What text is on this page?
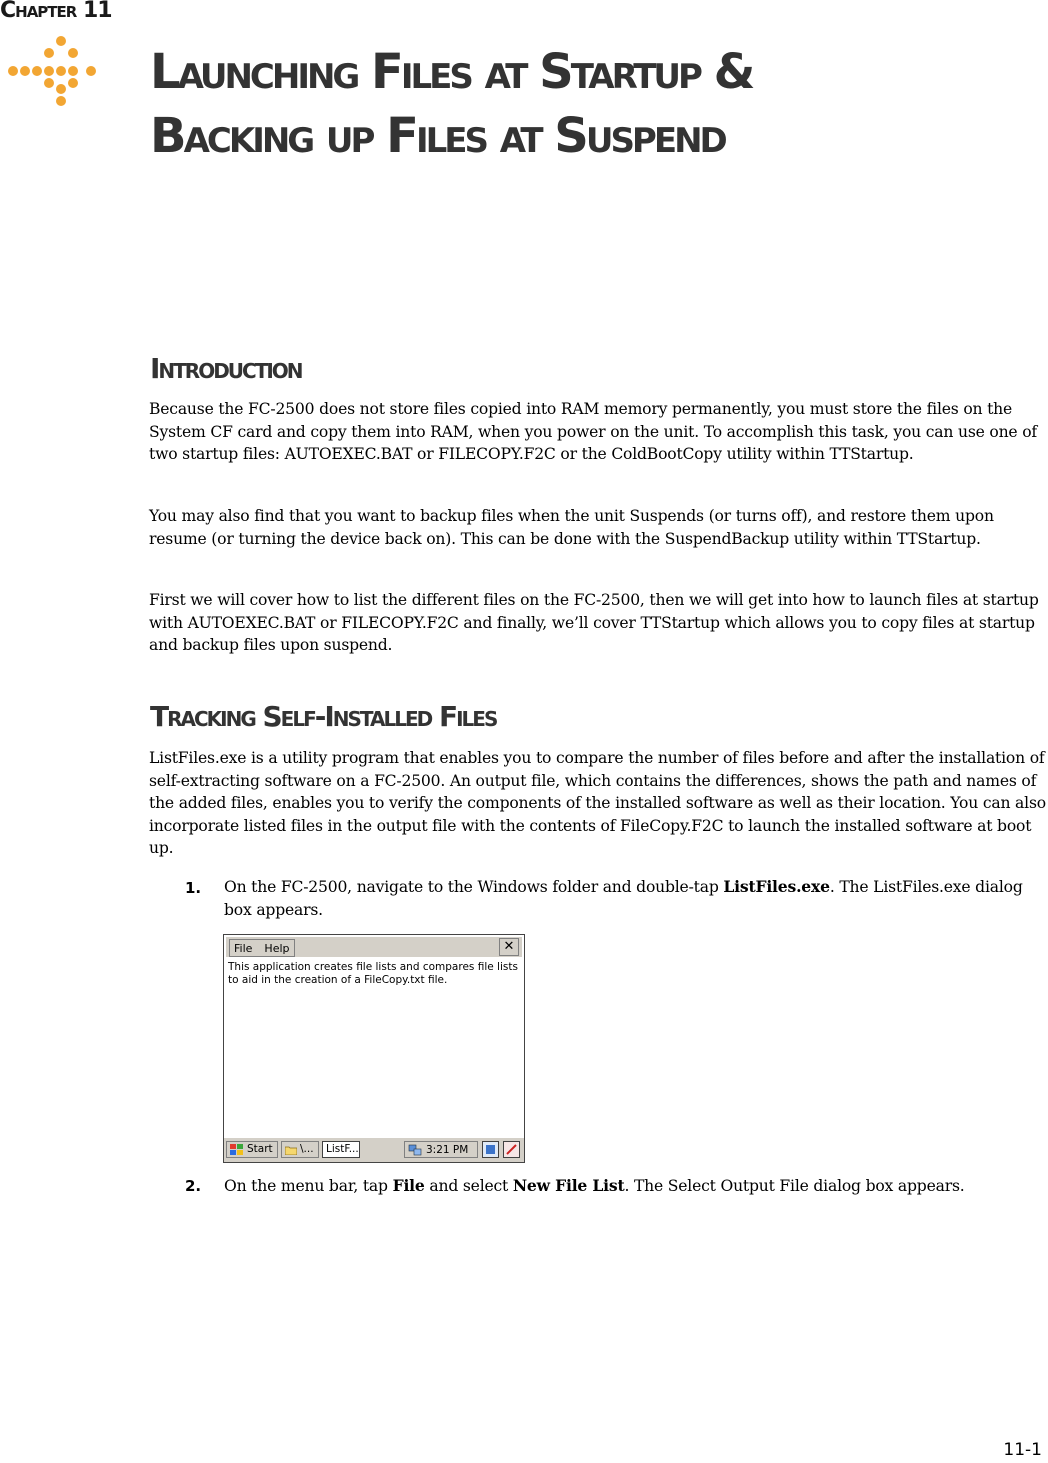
Chapter 11
Launching Files at Startup &
Backing up Files at Suspend
Introduction

Because the FC-2500 does not store files copied into RAM memory permanently, you must store the files on the System CF card and copy them into RAM, when you power on the unit. To accomplish this task, you can use one of two startup files: AUTOEXEC.BAT or FILECOPY.F2C or the ColdBootCopy utility within TTStartup.

You may also find that you want to backup files when the unit Suspends (or turns off), and restore them upon resume (or turning the device back on). This can be done with the SuspendBackup utility within TTStartup.

First we will cover how to list the different files on the FC-2500, then we will get into how to launch files at startup with AUTOEXEC.BAT or FILECOPY.F2C and finally, we’ll cover TTStartup which allows you to copy files at startup and backup files upon suspend.

Tracking Self-Installed Files

ListFiles.exe is a utility program that enables you to compare the number of files before and after the installation of self-extracting software on a FC-2500. An output file, which contains the differences, shows the path and names of the added files, enables you to verify the components of the installed software as well as their location. You can also incorporate listed files in the output file with the contents of FileCopy.F2C to launch the installed software at boot up.

1. On the FC-2500, navigate to the Windows folder and double-tap ListFiles.exe. The ListFiles.exe dialog box appears.

File Help	✕
This application creates file lists and compares file lists to aid in the creation of a FileCopy.txt file.
Start	\...	ListF...	3:21 PM
2. On the menu bar, tap File and select New File List. The Select Output File dialog box appears.

11-1
